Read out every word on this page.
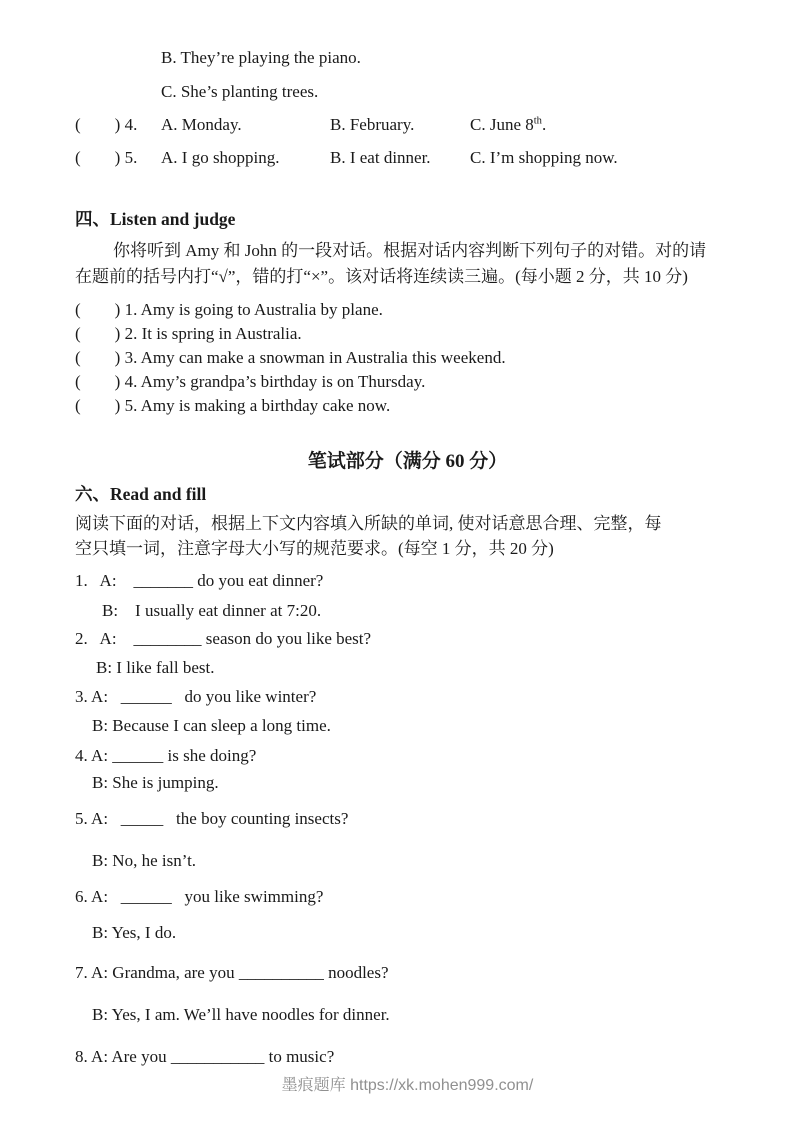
B. They’re playing the piano.
C. She’s planting trees.
(        ) 4.	A. Monday.	B. February.	C. June 8th.
(        ) 5.	A. I go shopping.	B. I eat dinner.	C. I’m shopping now.
四、Listen and judge
你将听到 Amy 和 John 的一段对话。根据对话内容判断下列句子的对错。对的请
在题前的括号内打“√”，错的打“×”。该对话将连续读三遍。(每小题 2 分，共 10 分)
(        ) 1. Amy is going to Australia by plane.
(        ) 2. It is spring in Australia.
(        ) 3. Amy can make a snowman in Australia this weekend.
(        ) 4. Amy’s grandpa’s birthday is on Thursday.
(        ) 5. Amy is making a birthday cake now.
笔试部分（满分 60 分）
六、Read and fill
阅读下面的对话，根据上下文内容填入所缺的单词, 使对话意思合理、完整，每
空只填一词，注意字母大小写的规范要求。(每空 1 分，共 20 分)
1.   A:    _______ do you eat dinner?
B:    I usually eat dinner at 7:20.
2.   A:    ________ season do you like best?
B: I like fall best.
3. A:   ______   do you like winter?
B: Because I can sleep a long time.
4. A: ______ is she doing?
B: She is jumping.
5. A:   _____   the boy counting insects?
B: No, he isn’t.
6. A:   ______   you like swimming?
B: Yes, I do.
7. A: Grandma, are you __________ noodles?
B: Yes, I am. We’ll have noodles for dinner.
8. A: Are you ___________ to music?
墨痕题库 https://xk.mohen999.com/
